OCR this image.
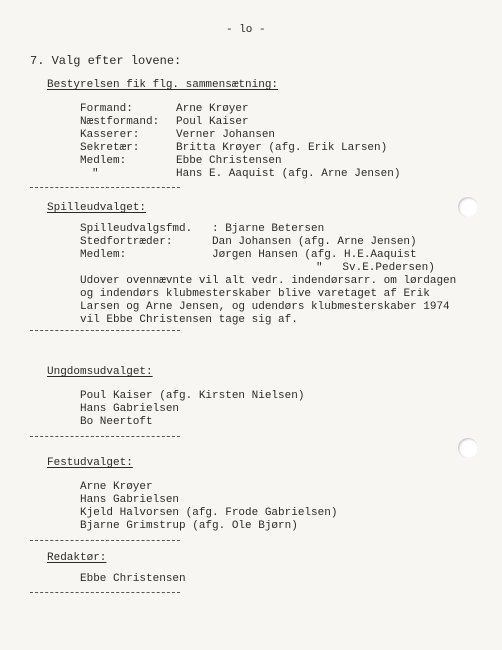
- lo -
7. Valg efter lovene:
Bestyrelsen fik flg. sammensætning:
Formand:	Arne Krøyer
Næstformand: Poul Kaiser
Kasserer:	Verner Johansen
Sekretær:	Britta Krøyer (afg. Erik Larsen)
Medlem:	Ebbe Christensen
"	Hans E. Aaquist (afg. Arne Jensen)
Spilleudvalget:
Spilleudvalgsfmd. : Bjarne Betersen
Stedfortræder:	Dan Johansen (afg. Arne Jensen)
Medlem:	Jørgen Hansen (afg. H.E.Aaquist
"   Sv.E.Pedersen)
Udover ovennævnte vil alt vedr. indendørsarr. om lørdagen
og indendørs klubmesterskaber blive varetaget af Erik
Larsen og Arne Jensen, og udendørs klubmesterskaber 1974
vil Ebbe Christensen tage sig af.
Ungdomsudvalget:
Poul Kaiser (afg. Kirsten Nielsen)
Hans Gabrielsen
Bo Neertoft
Festudvalget:
Arne Krøyer
Hans Gabrielsen
Kjeld Halvorsen (afg. Frode Gabrielsen)
Bjarne Grimstrup (afg. Ole Bjørn)
Redaktør:
Ebbe Christensen
